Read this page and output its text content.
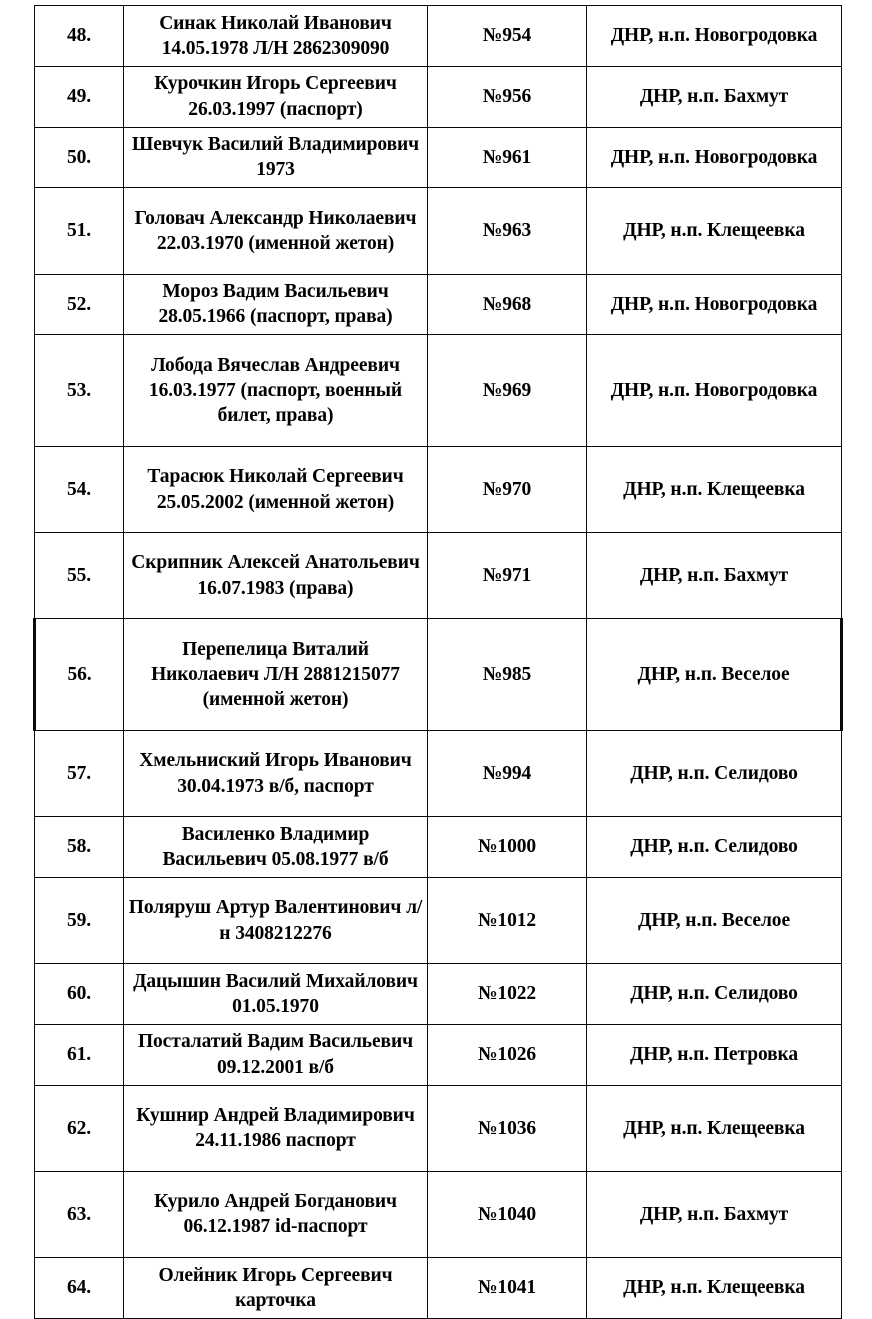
48.	Синак Николай Иванович 14.05.1978 Л/Н 2862309090	№954	ДНР, н.п. Новогродовка
49.	Курочкин Игорь Сергеевич 26.03.1997 (паспорт)	№956	ДНР, н.п. Бахмут
50.	Шевчук Василий Владимирович 1973	№961	ДНР, н.п. Новогродовка
51.	Головач Александр Николаевич 22.03.1970 (именной жетон)	№963	ДНР, н.п. Клещеевка
52.	Мороз Вадим Васильевич 28.05.1966 (паспорт, права)	№968	ДНР, н.п. Новогродовка
53.	Лобода Вячеслав Андреевич 16.03.1977 (паспорт, военный билет, права)	№969	ДНР, н.п. Новогродовка
54.	Тарасюк Николай Сергеевич 25.05.2002 (именной жетон)	№970	ДНР, н.п. Клещеевка
55.	Скрипник Алексей Анатольевич 16.07.1983 (права)	№971	ДНР, н.п. Бахмут
56.	Перепелица Виталий Николаевич Л/Н 2881215077 (именной жетон)	№985	ДНР, н.п. Веселое
57.	Хмельниский Игорь Иванович 30.04.1973 в/б, паспорт	№994	ДНР, н.п. Селидово
58.	Василенко Владимир Васильевич 05.08.1977 в/б	№1000	ДНР, н.п. Селидово
59.	Поляруш Артур Валентинович л/н 3408212276	№1012	ДНР, н.п. Веселое
60.	Дацышин Василий Михайлович 01.05.1970	№1022	ДНР, н.п. Селидово
61.	Посталатий Вадим Васильевич 09.12.2001 в/б	№1026	ДНР, н.п. Петровка
62.	Кушнир Андрей Владимирович 24.11.1986 паспорт	№1036	ДНР, н.п. Клещеевка
63.	Курило Андрей Богданович 06.12.1987 id-паспорт	№1040	ДНР, н.п. Бахмут
64.	Олейник Игорь Сергеевич карточка	№1041	ДНР, н.п. Клещеевка
